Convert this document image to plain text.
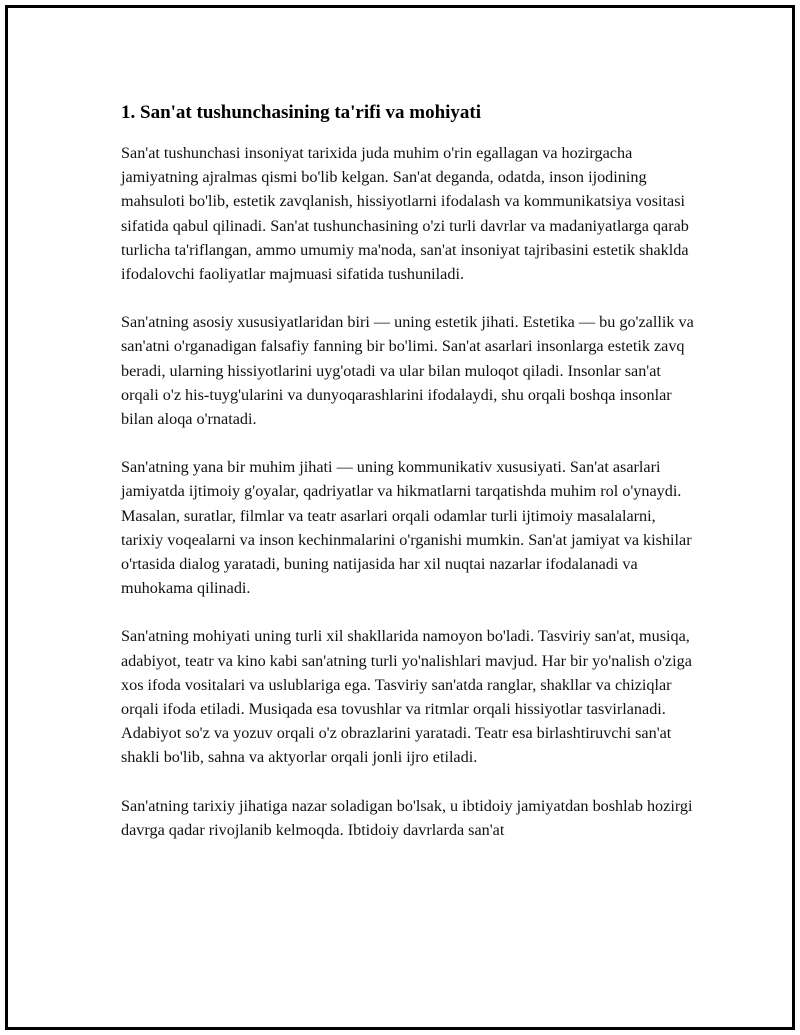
1. San'at tushunchasining ta'rifi va mohiyati

San'at tushunchasi insoniyat tarixida juda muhim o'rin egallagan va hozirgacha jamiyatning ajralmas qismi bo'lib kelgan. San'at deganda, odatda, inson ijodining mahsuloti bo'lib, estetik zavqlanish, hissiyotlarni ifodalash va kommunikatsiya vositasi sifatida qabul qilinadi. San'at tushunchasining o'zi turli davrlar va madaniyatlarga qarab turlicha ta'riflangan, ammo umumiy ma'noda, san'at insoniyat tajribasini estetik shaklda ifodalovchi faoliyatlar majmuasi sifatida tushuniladi.

San'atning asosiy xususiyatlaridan biri — uning estetik jihati. Estetika — bu go'zallik va san'atni o'rganadigan falsafiy fanning bir bo'limi. San'at asarlari insonlarga estetik zavq beradi, ularning hissiyotlarini uyg'otadi va ular bilan muloqot qiladi. Insonlar san'at orqali o'z his-tuyg'ularini va dunyoqarashlarini ifodalaydi, shu orqali boshqa insonlar bilan aloqa o'rnatadi.

San'atning yana bir muhim jihati — uning kommunikativ xususiyati. San'at asarlari jamiyatda ijtimoiy g'oyalar, qadriyatlar va hikmatlarni tarqatishda muhim rol o'ynaydi. Masalan, suratlar, filmlar va teatr asarlari orqali odamlar turli ijtimoiy masalalarni, tarixiy voqealarni va inson kechinmalarini o'rganishi mumkin. San'at jamiyat va kishilar o'rtasida dialog yaratadi, buning natijasida har xil nuqtai nazarlar ifodalanadi va muhokama qilinadi.

San'atning mohiyati uning turli xil shakllarida namoyon bo'ladi. Tasviriy san'at, musiqa, adabiyot, teatr va kino kabi san'atning turli yo'nalishlari mavjud. Har bir yo'nalish o'ziga xos ifoda vositalari va uslublariga ega. Tasviriy san'atda ranglar, shakllar va chiziqlar orqali ifoda etiladi. Musiqada esa tovushlar va ritmlar orqali hissiyotlar tasvirlanadi. Adabiyot so'z va yozuv orqali o'z obrazlarini yaratadi. Teatr esa birlashtiruvchi san'at shakli bo'lib, sahna va aktyorlar orqali jonli ijro etiladi.

San'atning tarixiy jihatiga nazar soladigan bo'lsak, u ibtidoiy jamiyatdan boshlab hozirgi davrga qadar rivojlanib kelmoqda. Ibtidoiy davrlarda san'at
